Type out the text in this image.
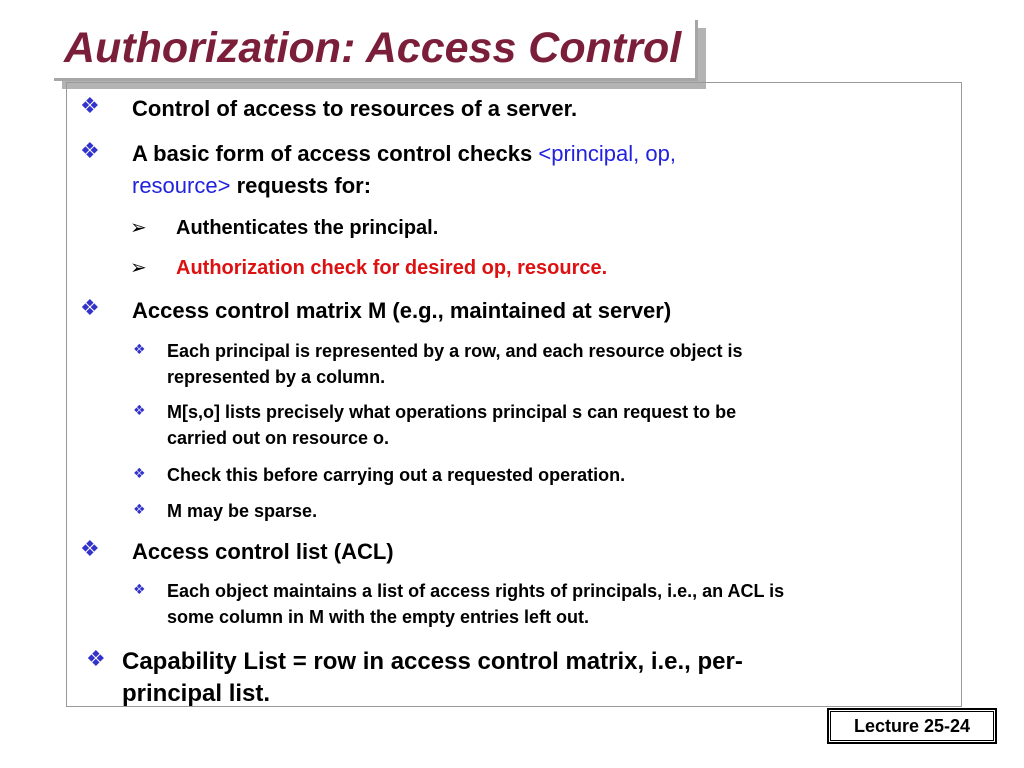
Authorization: Access Control
❖ Control of access to resources of a server.
❖ A basic form of access control checks <principal, op,
resource> requests for:
➢ Authenticates the principal.
➢ Authorization check for desired op, resource.
❖ Access control matrix M (e.g., maintained at server)
❖ Each principal is represented by a row, and each resource object is
represented by a column.
❖ M[s,o] lists precisely what operations principal s can request to be
carried out on resource o.
❖ Check this before carrying out a requested operation.
❖ M may be sparse.
❖ Access control list (ACL)
❖ Each object maintains a list of access rights of principals, i.e., an ACL is
some column in M with the empty entries left out.
❖ Capability List = row in access control matrix, i.e., per-
principal list.
Lecture 25-24
